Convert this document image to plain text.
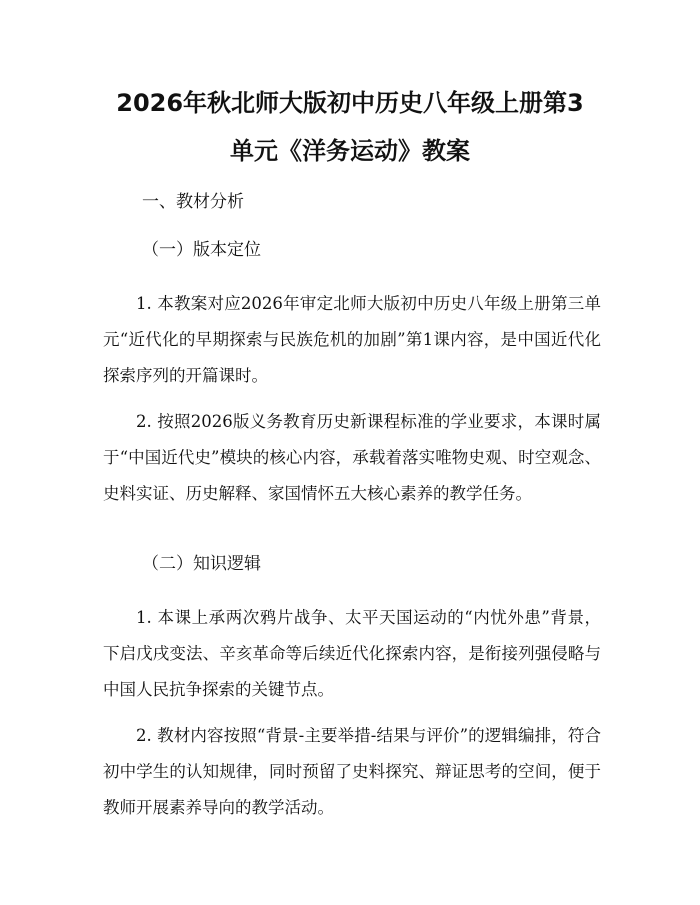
2026年秋北师大版初中历史八年级上册第3
单元《洋务运动》教案
一、教材分析
（一）版本定位

1. 本教案对应2026年审定北师大版初中历史八年级上册第三单元“近代化的早期探索与民族危机的加剧”第1课内容，是中国近代化探索序列的开篇课时。

2. 按照2026版义务教育历史新课程标准的学业要求，本课时属于“中国近代史”模块的核心内容，承载着落实唯物史观、时空观念、史料实证、历史解释、家国情怀五大核心素养的教学任务。

（二）知识逻辑

1. 本课上承两次鸦片战争、太平天国运动的“内忧外患”背景，下启戊戌变法、辛亥革命等后续近代化探索内容，是衔接列强侵略与中国人民抗争探索的关键节点。

2. 教材内容按照“背景-主要举措-结果与评价”的逻辑编排，符合初中学生的认知规律，同时预留了史料探究、辩证思考的空间，便于教师开展素养导向的教学活动。
